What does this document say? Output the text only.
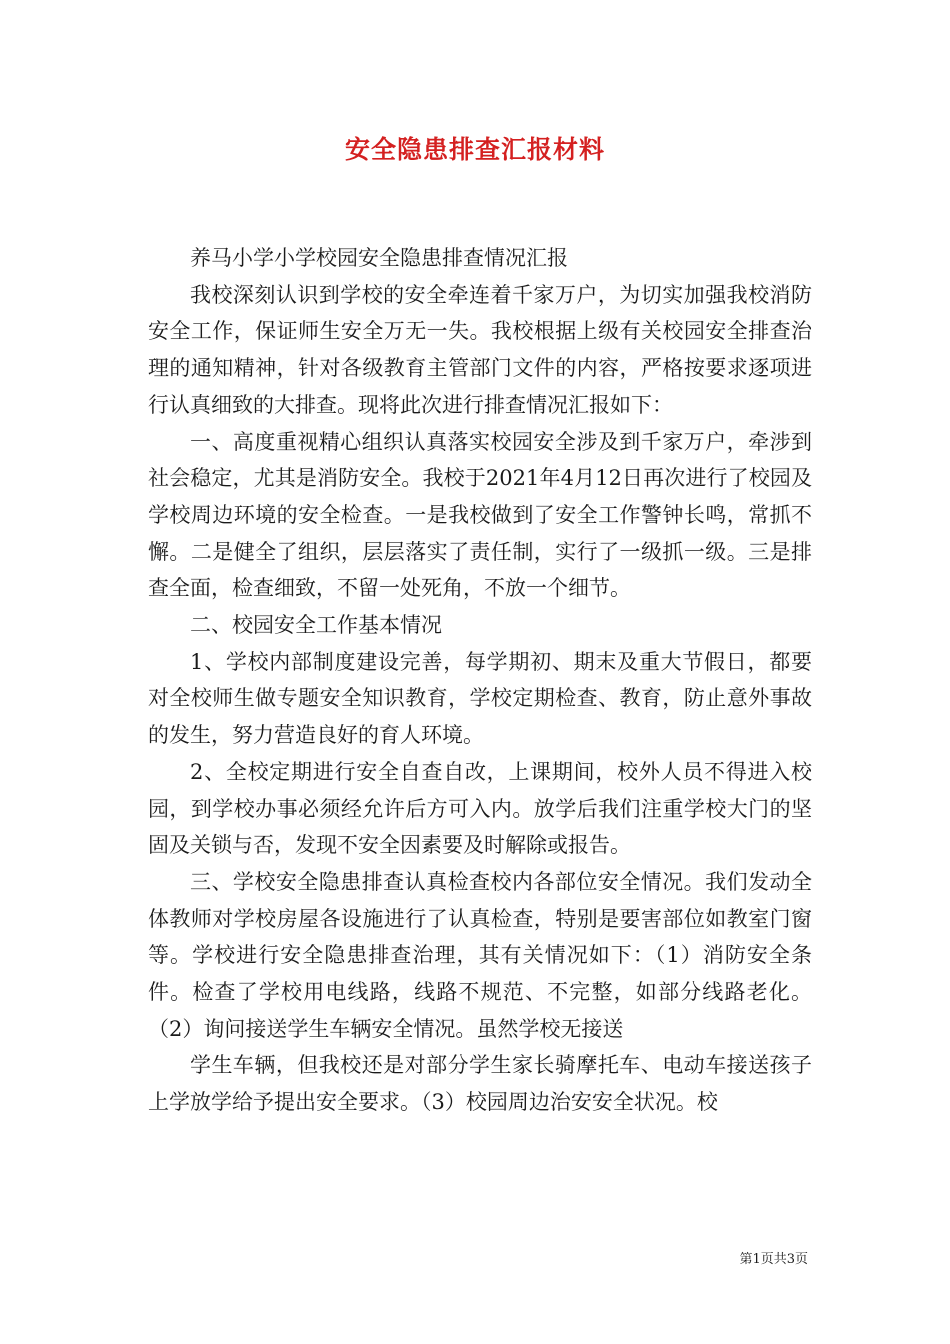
安全隐患排查汇报材料

养马小学小学校园安全隐患排查情况汇报

我校深刻认识到学校的安全牵连着千家万户，为切实加强我校消防安全工作，保证师生安全万无一失。我校根据上级有关校园安全排查治理的通知精神，针对各级教育主管部门文件的内容，严格按要求逐项进行认真细致的大排查。现将此次进行排查情况汇报如下：

一、高度重视精心组织认真落实校园安全涉及到千家万户，牵涉到社会稳定，尤其是消防安全。我校于2021年4月12日再次进行了校园及学校周边环境的安全检查。一是我校做到了安全工作警钟长鸣，常抓不懈。二是健全了组织，层层落实了责任制，实行了一级抓一级。三是排查全面，检查细致，不留一处死角，不放一个细节。

二、校园安全工作基本情况

1、学校内部制度建设完善，每学期初、期末及重大节假日，都要对全校师生做专题安全知识教育，学校定期检查、教育，防止意外事故的发生，努力营造良好的育人环境。

2、全校定期进行安全自查自改，上课期间，校外人员不得进入校园，到学校办事必须经允许后方可入内。放学后我们注重学校大门的坚固及关锁与否，发现不安全因素要及时解除或报告。

三、学校安全隐患排查认真检查校内各部位安全情况。我们发动全体教师对学校房屋各设施进行了认真检查，特别是要害部位如教室门窗等。学校进行安全隐患排查治理，其有关情况如下：（1）消防安全条件。检查了学校用电线路，线路不规范、不完整，如部分线路老化。（2）询问接送学生车辆安全情况。虽然学校无接送

学生车辆，但我校还是对部分学生家长骑摩托车、电动车接送孩子上学放学给予提出安全要求。（3）校园周边治安安全状况。校

第1页共3页
